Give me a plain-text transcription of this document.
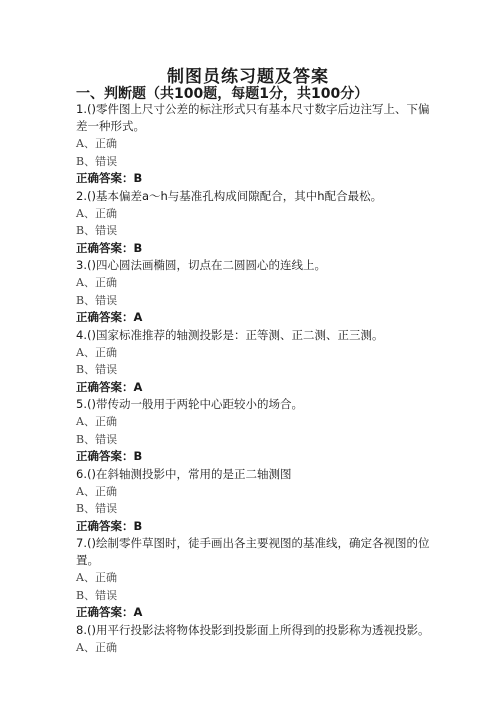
制图员练习题及答案
一、判断题（共100题，每题1分，共100分）
1.()零件图上尺寸公差的标注形式只有基本尺寸数字后边注写上、下偏差一种形式。
A、正确
B、错误
正确答案：B
2.()基本偏差a～h与基准孔构成间隙配合，其中h配合最松。
A、正确
B、错误
正确答案：B
3.()四心圆法画椭圆，切点在二圆圆心的连线上。
A、正确
B、错误
正确答案：A
4.()国家标准推荐的轴测投影是：正等测、正二测、正三测。
A、正确
B、错误
正确答案：A
5.()带传动一般用于两轮中心距较小的场合。
A、正确
B、错误
正确答案：B
6.()在斜轴测投影中，常用的是正二轴测图
A、正确
B、错误
正确答案：B
7.()绘制零件草图时，徒手画出各主要视图的基准线，确定各视图的位置。
A、正确
B、错误
正确答案：A
8.()用平行投影法将物体投影到投影面上所得到的投影称为透视投影。
A、正确
